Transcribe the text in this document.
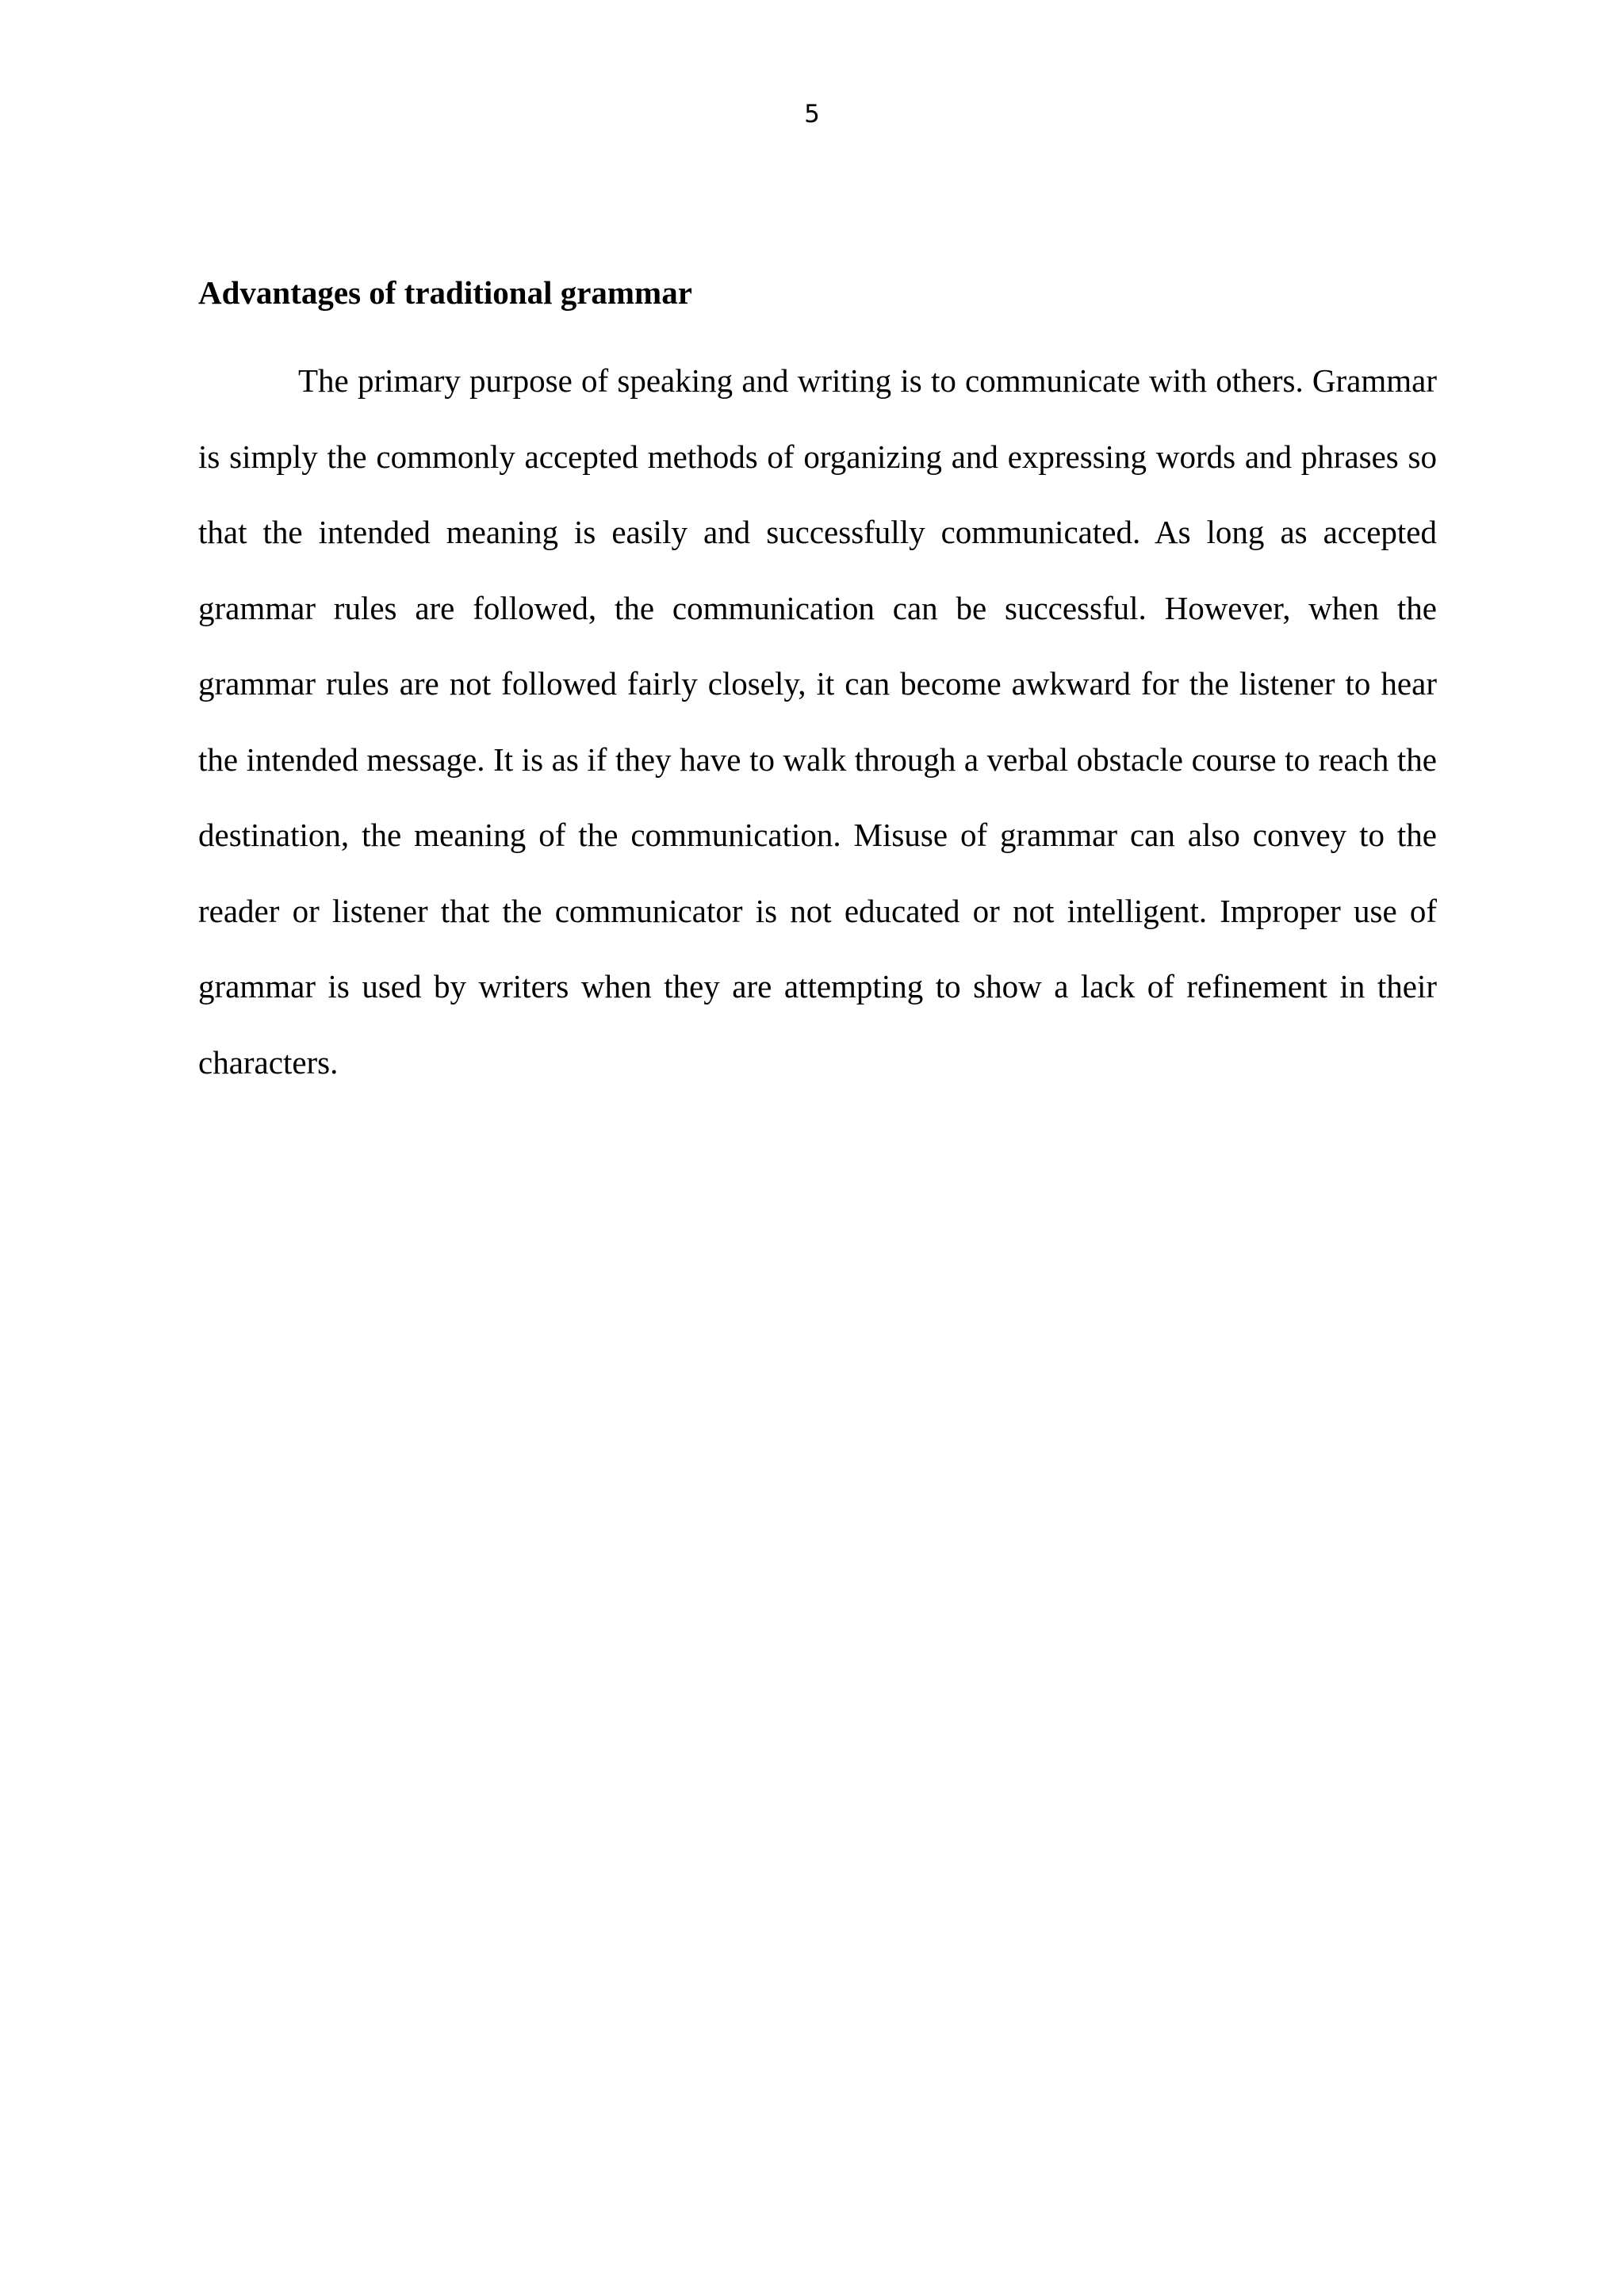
5
Advantages of traditional grammar

The primary purpose of speaking and writing is to communicate with others. Grammar is simply the commonly accepted methods of organizing and expressing words and phrases so that the intended meaning is easily and successfully communicated. As long as accepted grammar rules are followed, the communication can be successful. However, when the grammar rules are not followed fairly closely, it can become awkward for the listener to hear the intended message. It is as if they have to walk through a verbal obstacle course to reach the destination, the meaning of the communication. Misuse of grammar can also convey to the reader or listener that the communicator is not educated or not intelligent. Improper use of grammar is used by writers when they are attempting to show a lack of refinement in their characters.
